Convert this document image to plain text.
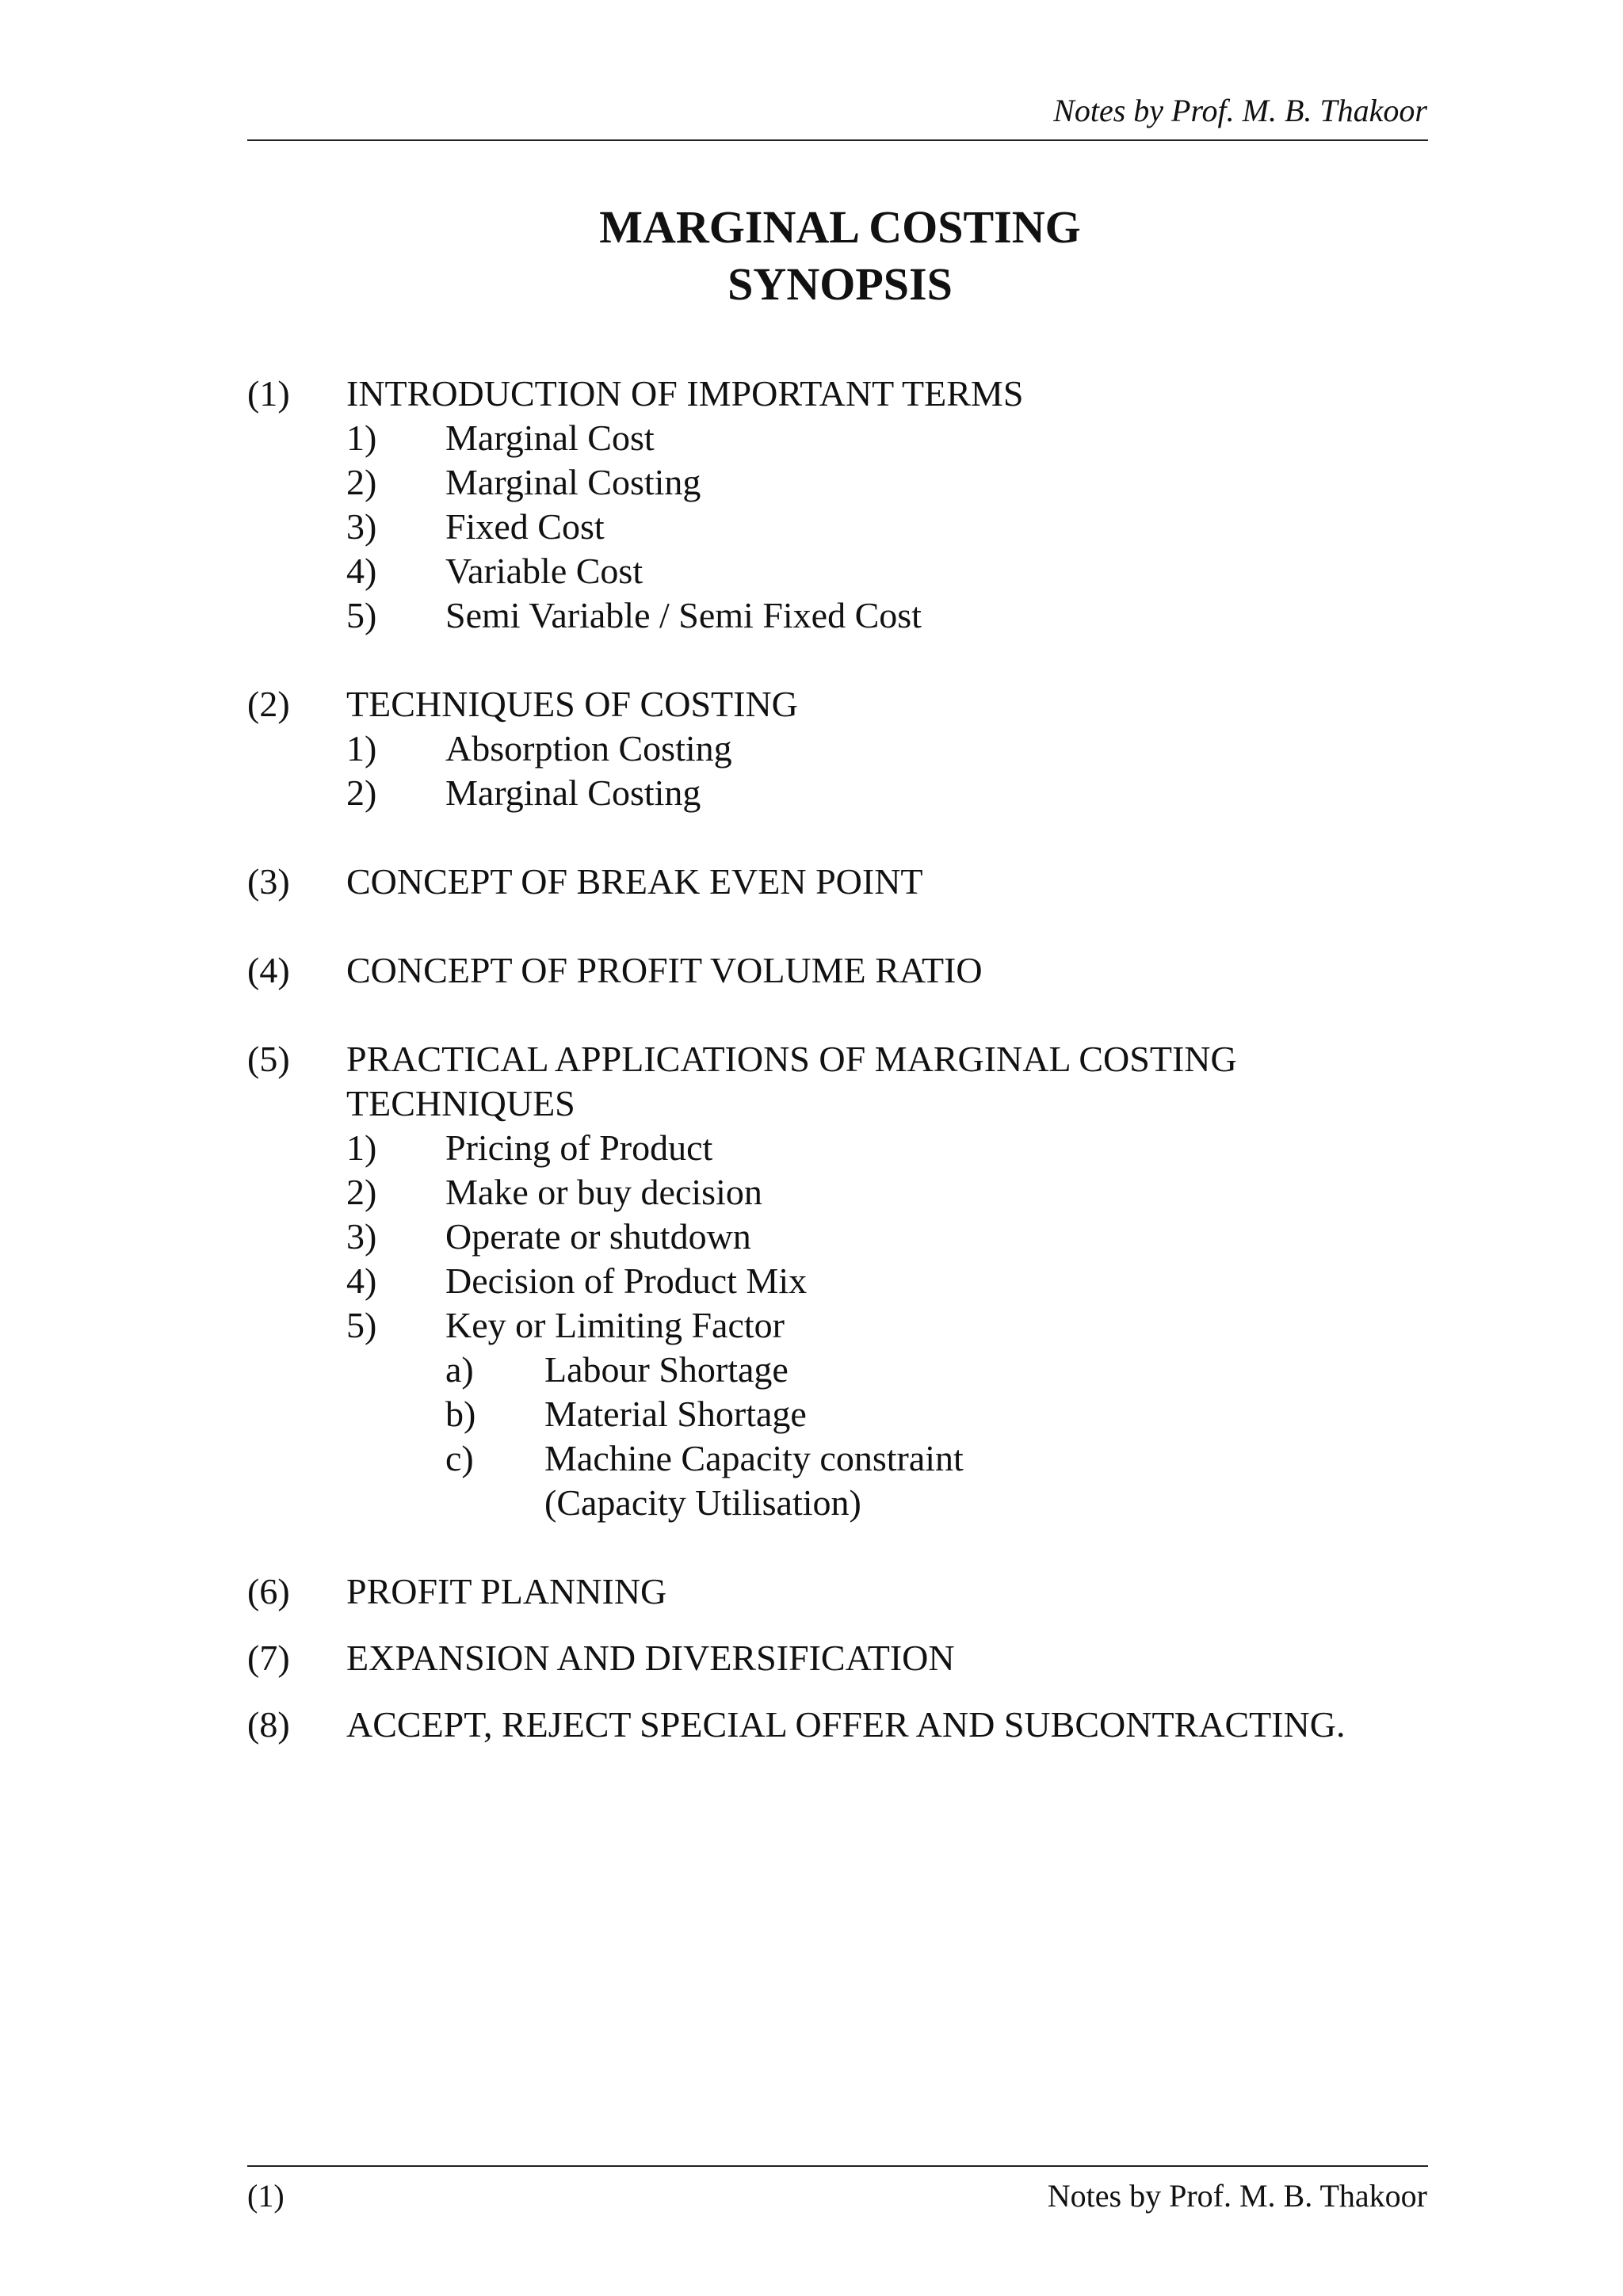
Notes by Prof. M. B. Thakoor
MARGINAL COSTING
SYNOPSIS
(1) INTRODUCTION OF IMPORTANT TERMS
1) Marginal Cost
2) Marginal Costing
3) Fixed Cost
4) Variable Cost
5) Semi Variable / Semi Fixed Cost
(2) TECHNIQUES OF COSTING
1) Absorption Costing
2) Marginal Costing
(3) CONCEPT OF BREAK EVEN POINT
(4) CONCEPT OF PROFIT VOLUME RATIO
(5) PRACTICAL APPLICATIONS OF MARGINAL COSTING
TECHNIQUES
1) Pricing of Product
2) Make or buy decision
3) Operate or shutdown
4) Decision of Product Mix
5) Key or Limiting Factor
a) Labour Shortage
b) Material Shortage
c) Machine Capacity constraint
(Capacity Utilisation)
(6) PROFIT PLANNING
(7) EXPANSION AND DIVERSIFICATION
(8) ACCEPT, REJECT SPECIAL OFFER AND SUBCONTRACTING.
(1)	Notes by Prof. M. B. Thakoor
